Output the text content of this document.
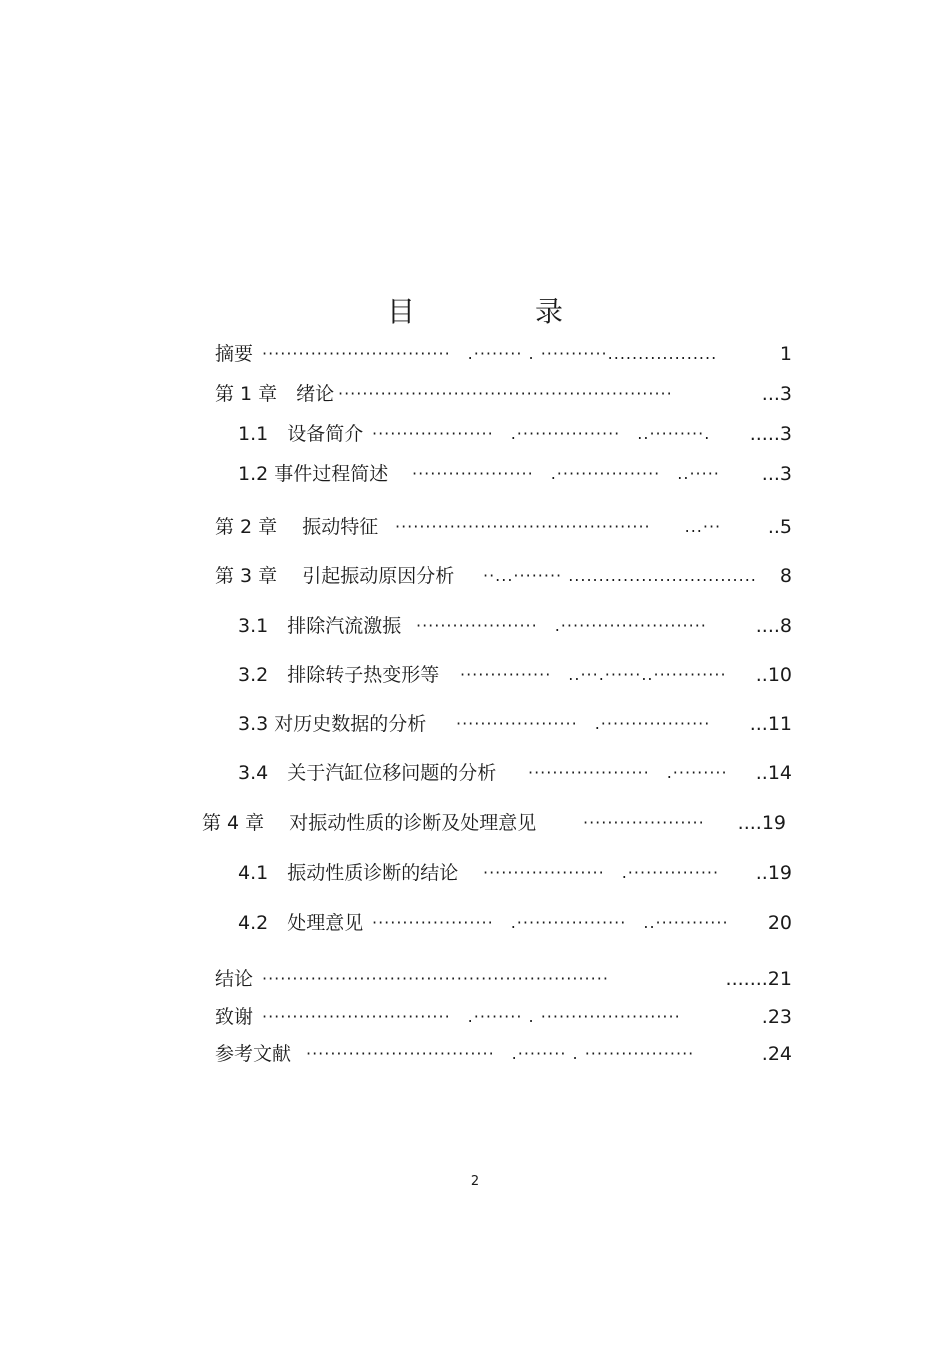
目　录
摘要 ·······························　.········ . ···········..................	1
第 1 章　绪论 ·······················································　	...3
1.1　设备简介 ····················　.·················　..·········. .....3
1.2 事件过程简述 ····················　.·················　..····· ...3
第 2 章　 振动特征 ··········································　　...··· ..5
第 3 章　 引起振动原因分析 ··...········ ............................... 8
3.1　排除汽流激振 ····················　.························	....8
3.2　排除转子热变形等 ···············　..···.······..············ ..10
3.3 对历史数据的分析 ····················　.·················· ...11
3.4　关于汽缸位移问题的分析 ····················　.········· ..14
第 4 章　 对振动性质的诊断及处理意见	···················· ....19
4.1　振动性质诊断的结论 ····················　.··············· ..19
4.2　处理意见 ····················　.··················　..············ 20
结论 ·························································　　	.......21
致谢 ·······························　.········ . ·······················	.23
参考文献 ·······························　.········ . ··················	.24
2
